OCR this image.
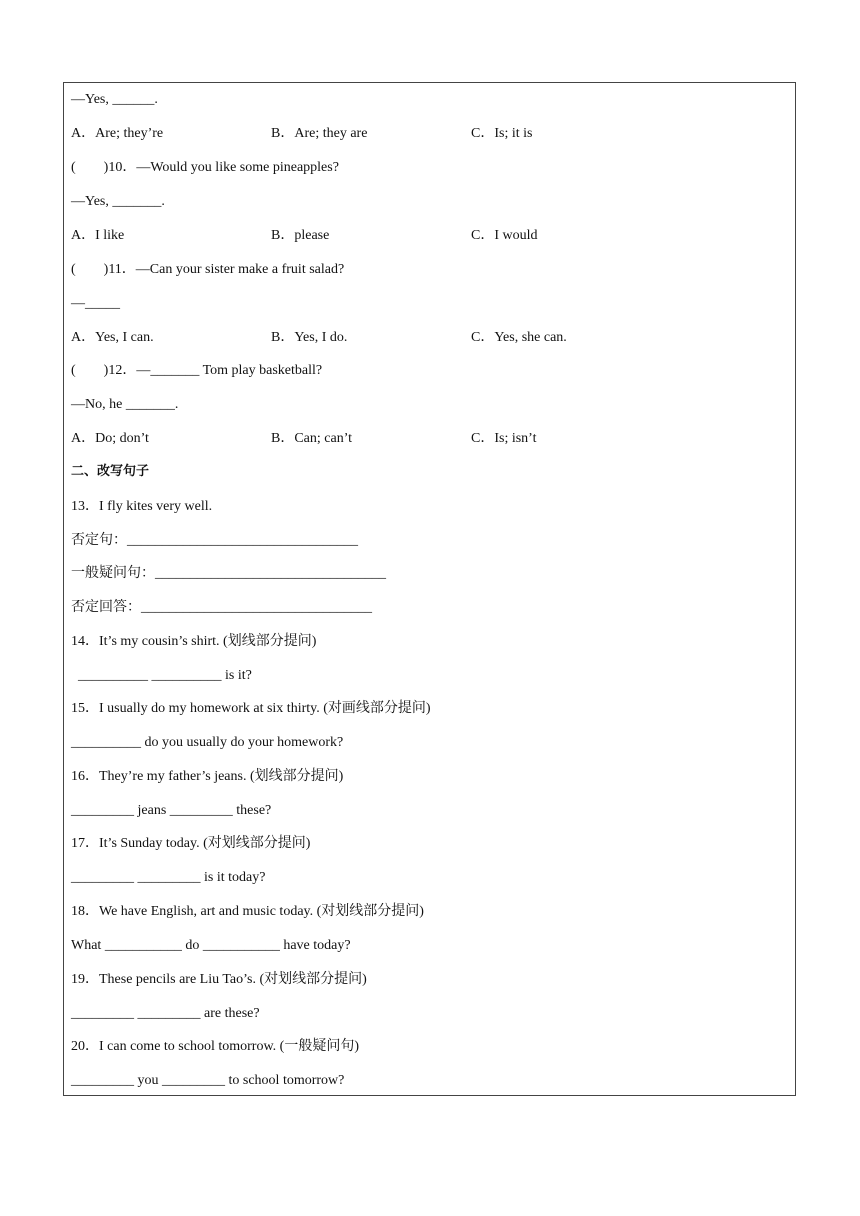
—Yes, ______.
A．Are; they’re	B．Are; they are	C．Is; it is
(        )10．—Would you like some pineapples?
—Yes, _______.
A．I like	B．please	C．I would
(        )11．—Can your sister make a fruit salad?
—_____
A．Yes, I can.	B．Yes, I do.	C．Yes, she can.
(        )12．—_______ Tom play basketball?
—No, he _______.
A．Do; don’t	B．Can; can’t	C．Is; isn’t
二、改写句子
13．I fly kites very well.
否定句：_________________________________
一般疑问句：_________________________________
否定回答：_________________________________
14．It’s my cousin’s shirt. (划线部分提问)
__________ __________ is it?
15．I usually do my homework at six thirty. (对画线部分提问)
__________ do you usually do your homework?
16．They’re my father’s jeans. (划线部分提问)
_________ jeans _________ these?
17．It’s Sunday today. (对划线部分提问)
_________ _________ is it today?
18．We have English, art and music today. (对划线部分提问)
What ___________ do ___________ have today?
19．These pencils are Liu Tao’s. (对划线部分提问)
_________ _________ are these?
20．I can come to school tomorrow. (一般疑问句)
_________ you _________ to school tomorrow?
